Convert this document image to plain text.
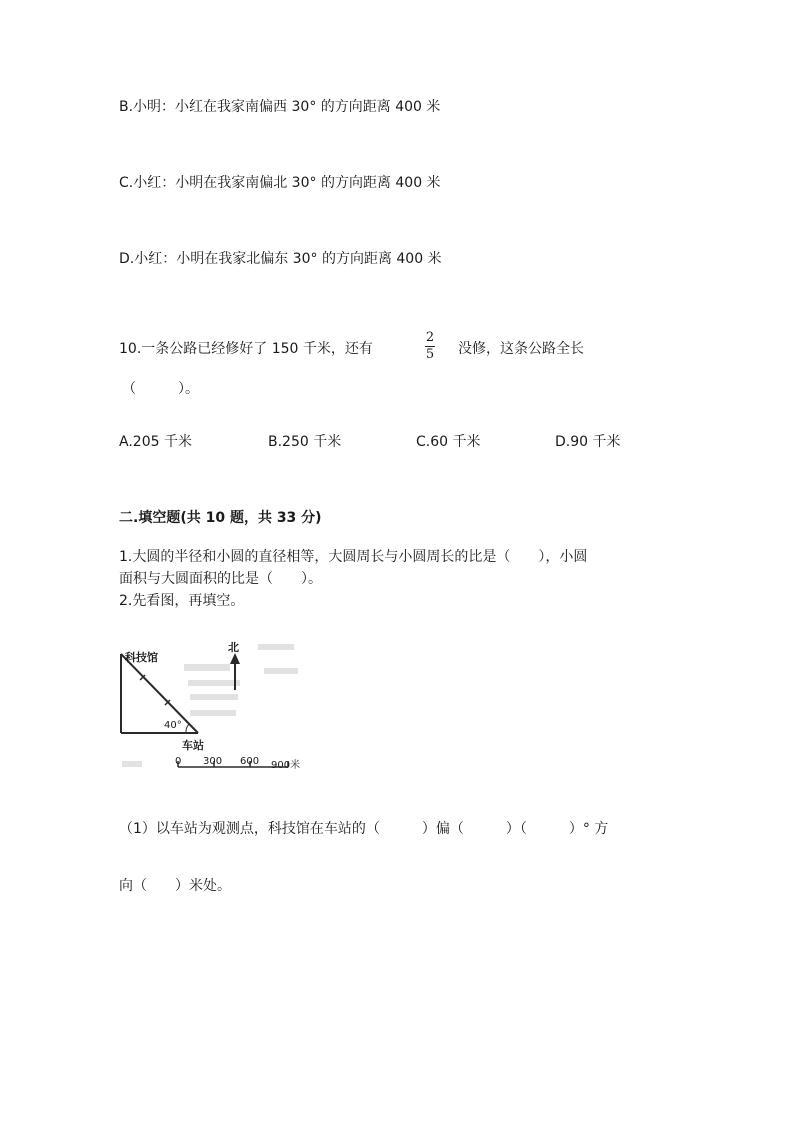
B.小明：小红在我家南偏西 30° 的方向距离 400 米
C.小红：小明在我家南偏北 30° 的方向距离 400 米
D.小红：小明在我家北偏东 30° 的方向距离 400 米
10.一条公路已经修好了 150 千米，还有
2
5 没修，这条公路全长
（　　　）。
A.205 千米	B.250 千米	C.60 千米	D.90 千米
二.填空题(共 10 题，共 33 分)
1.大圆的半径和小圆的直径相等，大圆周长与小圆周长的比是（　　），小圆
面积与大圆面积的比是（　　）。
2.先看图，再填空。
科技馆
北
40°
车站
0 300 600 900米
（1）以车站为观测点，科技馆在车站的（　　　）偏（　　　）（　　　）° 方
向（　　）米处。
